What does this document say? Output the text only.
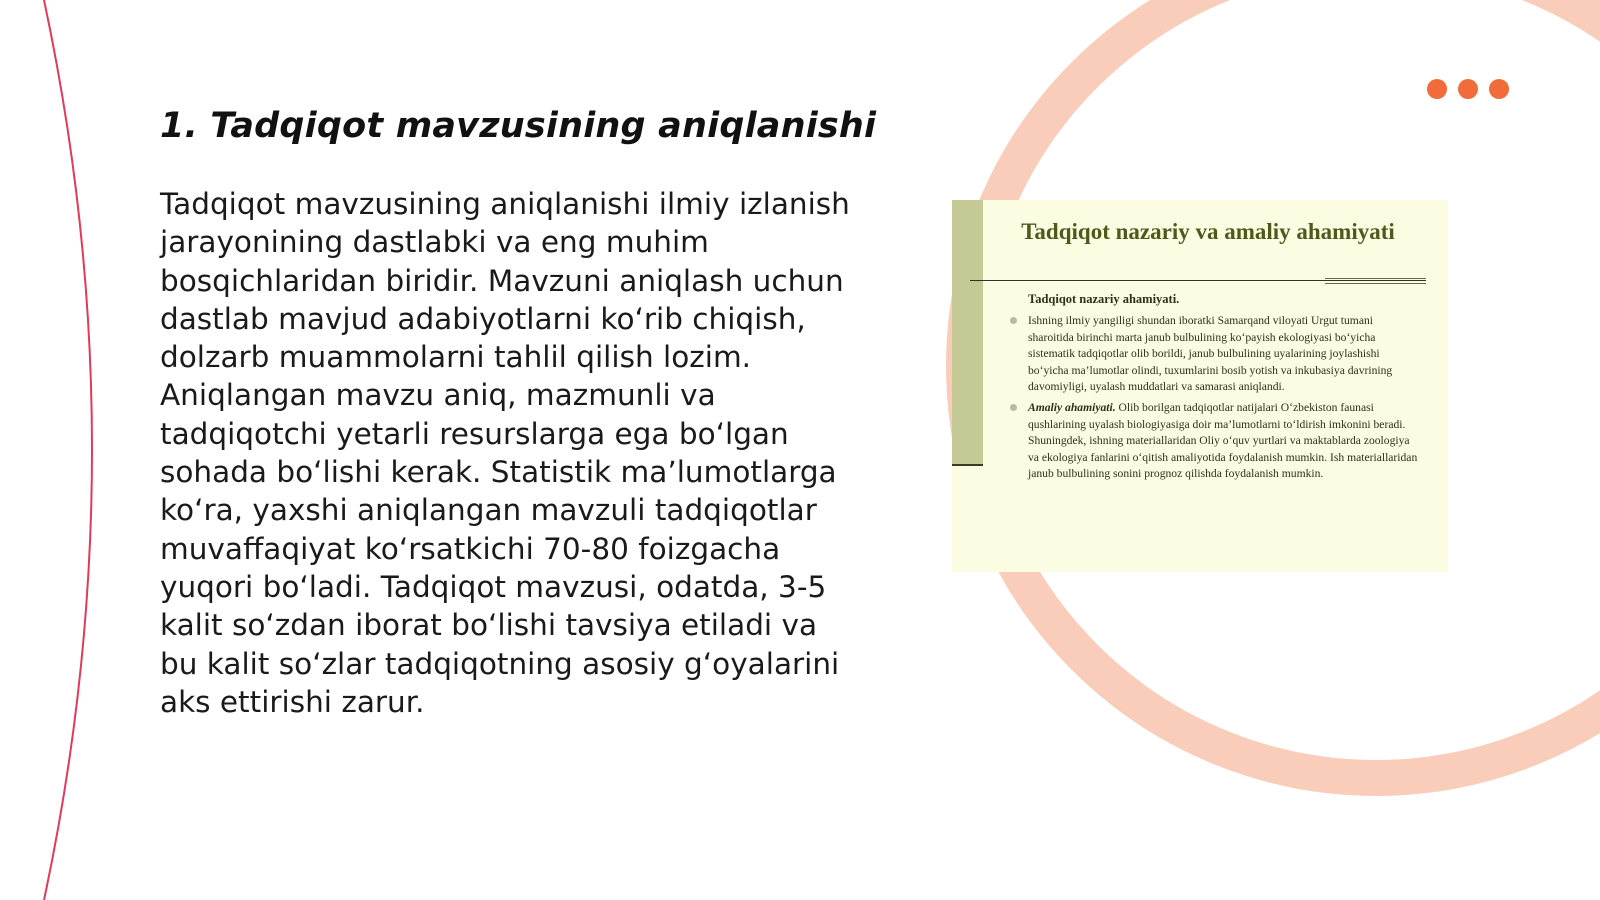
1. Tadqiqot mavzusining aniqlanishi

Tadqiqot mavzusining aniqlanishi ilmiy izlanish jarayonining dastlabki va eng muhim bosqichlaridan biridir. Mavzuni aniqlash uchun dastlab mavjud adabiyotlarni ko‘rib chiqish, dolzarb muammolarni tahlil qilish lozim. Aniqlangan mavzu aniq, mazmunli va tadqiqotchi yetarli resurslarga ega bo‘lgan sohada bo‘lishi kerak. Statistik ma’lumotlarga ko‘ra, yaxshi aniqlangan mavzuli tadqiqotlar muvaffaqiyat ko‘rsatkichi 70-80 foizgacha yuqori bo‘ladi. Tadqiqot mavzusi, odatda, 3-5 kalit so‘zdan iborat bo‘lishi tavsiya etiladi va bu kalit so‘zlar tadqiqotning asosiy g‘oyalarini aks ettirishi zarur.

Tadqiqot nazariy va amaliy ahamiyati

Tadqiqot nazariy ahamiyati.

Ishning ilmiy yangiligi shundan iboratki Samarqand viloyati Urgut tumani sharoitida birinchi marta janub bulbulining ko‘payish ekologiyasi bo‘yicha sistematik tadqiqotlar olib borildi, janub bulbulining uyalarining joylashishi bo‘yicha ma’lumotlar olindi, tuxumlarini bosib yotish va inkubasiya davrining davomiyligi, uyalash muddatlari va samarasi aniqlandi.
Amaliy ahamiyati. Olib borilgan tadqiqotlar natijalari O‘zbekiston faunasi qushlarining uyalash biologiyasiga doir ma’lumotlarni to‘ldirish imkonini beradi. Shuningdek, ishning materiallaridan Oliy o‘quv yurtlari va maktablarda zoologiya va ekologiya fanlarini o‘qitish amaliyotida foydalanish mumkin. Ish materiallaridan janub bulbulining sonini prognoz qilishda foydalanish mumkin.
